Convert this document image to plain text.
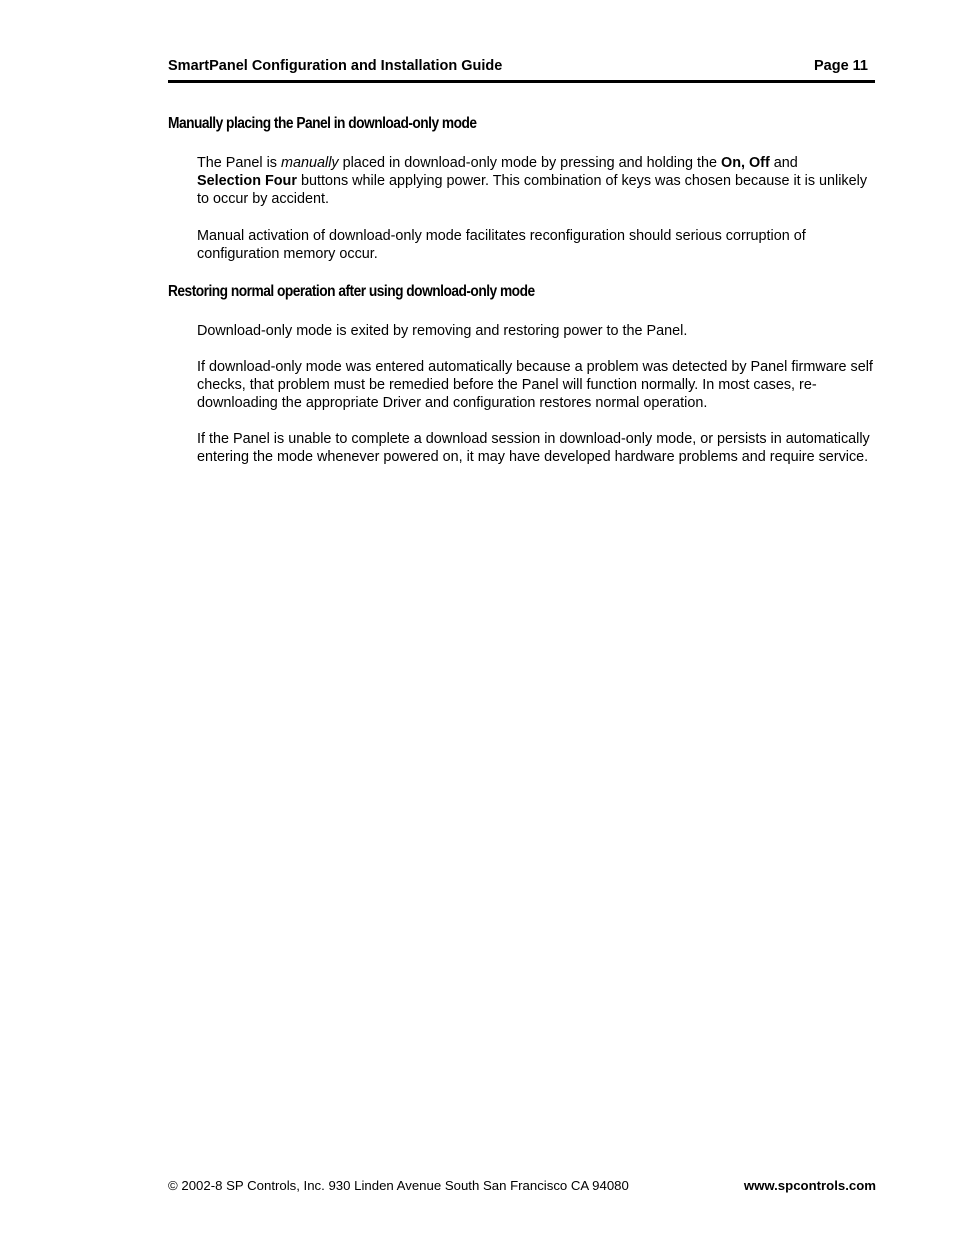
SmartPanel Configuration and Installation Guide	Page 11
Manually placing the Panel in download-only mode
The Panel is manually placed in download-only mode by pressing and holding the On, Off and
Selection Four buttons while applying power. This combination of keys was chosen because it is unlikely to occur by accident.
Manual activation of download-only mode facilitates reconfiguration should serious corruption of configuration memory occur.
Restoring normal operation after using download-only mode
Download-only mode is exited by removing and restoring power to the Panel.
If download-only mode was entered automatically because a problem was detected by Panel firmware self checks, that problem must be remedied before the Panel will function normally. In most cases, re-downloading the appropriate Driver and configuration restores normal operation.
If the Panel is unable to complete a download session in download-only mode, or persists in automatically entering the mode whenever powered on, it may have developed hardware problems and require service.
© 2002-8 SP Controls, Inc. 930 Linden Avenue South San Francisco CA 94080	www.spcontrols.com
